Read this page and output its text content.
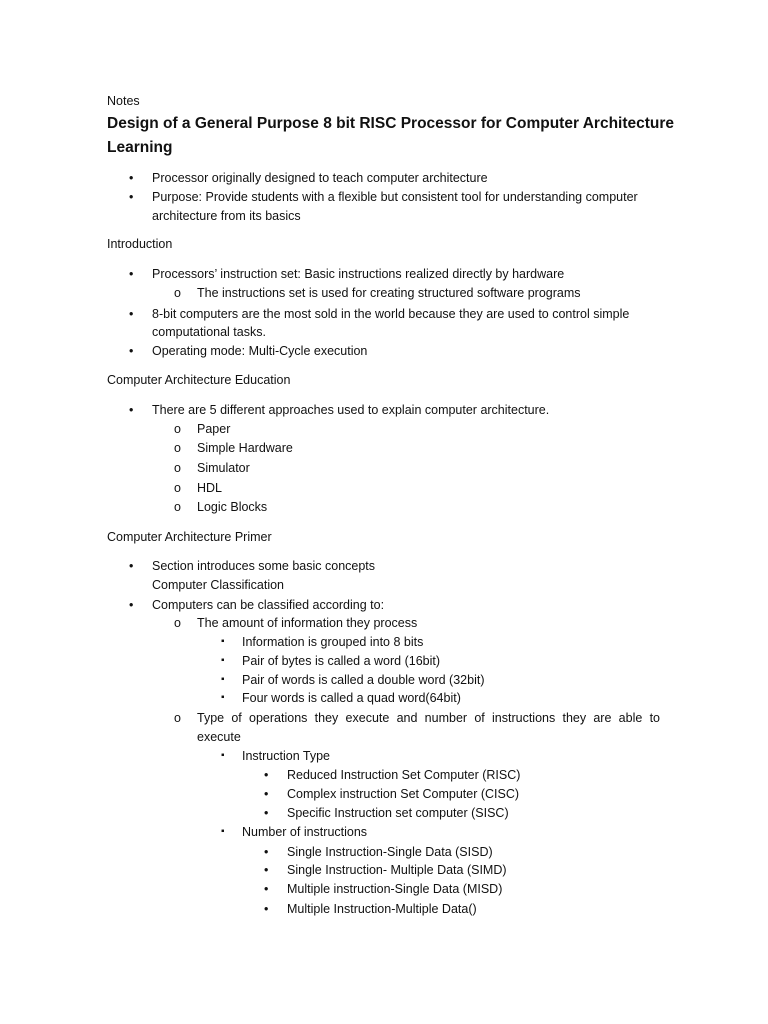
Notes
Design of a General Purpose 8 bit RISC Processor for Computer Architecture
Learning
• Processor originally designed to teach computer architecture
• Purpose: Provide students with a flexible but consistent tool for understanding computer
architecture from its basics
Introduction
• Processors’ instruction set: Basic instructions realized directly by hardware
o The instructions set is used for creating structured software programs
• 8-bit computers are the most sold in the world because they are used to control simple
computational tasks.
• Operating mode: Multi-Cycle execution
Computer Architecture Education
• There are 5 different approaches used to explain computer architecture.
o Paper
o Simple Hardware
o Simulator
o HDL
o Logic Blocks
Computer Architecture Primer
• Section introduces some basic concepts
Computer Classification
• Computers can be classified according to:
o The amount of information they process
▪ Information is grouped into 8 bits
▪ Pair of bytes is called a word (16bit)
▪ Pair of words is called a double word (32bit)
▪ Four words is called a quad word(64bit)
o Type of operations they execute and number of instructions they are able to
execute
▪ Instruction Type
• Reduced Instruction Set Computer (RISC)
• Complex instruction Set Computer (CISC)
• Specific Instruction set computer (SISC)
▪ Number of instructions
• Single Instruction-Single Data (SISD)
• Single Instruction- Multiple Data (SIMD)
• Multiple instruction-Single Data (MISD)
• Multiple Instruction-Multiple Data()
